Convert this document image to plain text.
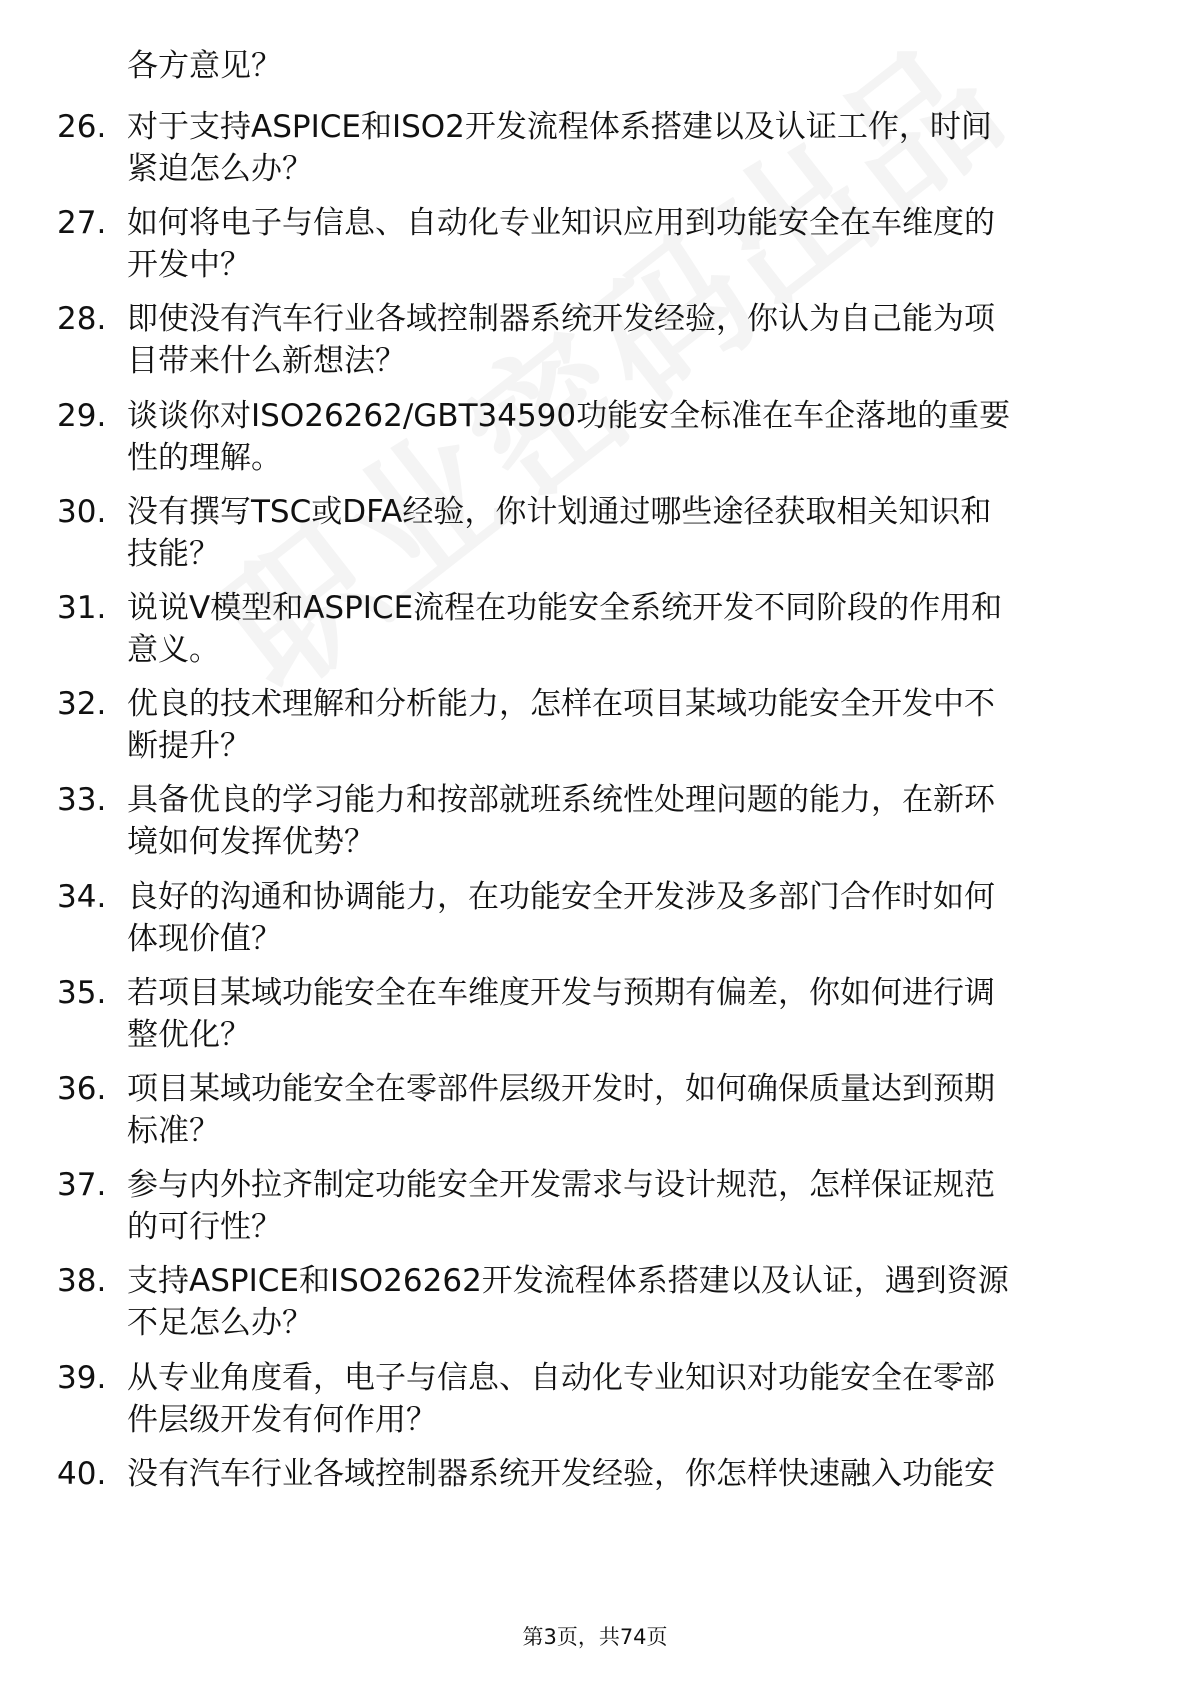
各方意见？
26. 对于支持ASPICE和ISO2开发流程体系搭建以及认证工作，时间
紧迫怎么办？
27. 如何将电子与信息、自动化专业知识应用到功能安全在车维度的
开发中？
28. 即使没有汽车行业各域控制器系统开发经验，你认为自己能为项
目带来什么新想法？
29. 谈谈你对ISO26262/GBT34590功能安全标准在车企落地的重要
性的理解。
30. 没有撰写TSC或DFA经验，你计划通过哪些途径获取相关知识和
技能？
31. 说说V模型和ASPICE流程在功能安全系统开发不同阶段的作用和
意义。
32. 优良的技术理解和分析能力，怎样在项目某域功能安全开发中不
断提升？
33. 具备优良的学习能力和按部就班系统性处理问题的能力，在新环
境如何发挥优势？
34. 良好的沟通和协调能力，在功能安全开发涉及多部门合作时如何
体现价值？
35. 若项目某域功能安全在车维度开发与预期有偏差，你如何进行调
整优化？
36. 项目某域功能安全在零部件层级开发时，如何确保质量达到预期
标准？
37. 参与内外拉齐制定功能安全开发需求与设计规范，怎样保证规范
的可行性？
38. 支持ASPICE和ISO26262开发流程体系搭建以及认证，遇到资源
不足怎么办？
39. 从专业角度看，电子与信息、自动化专业知识对功能安全在零部
件层级开发有何作用？
40. 没有汽车行业各域控制器系统开发经验，你怎样快速融入功能安
第3页，共74页
